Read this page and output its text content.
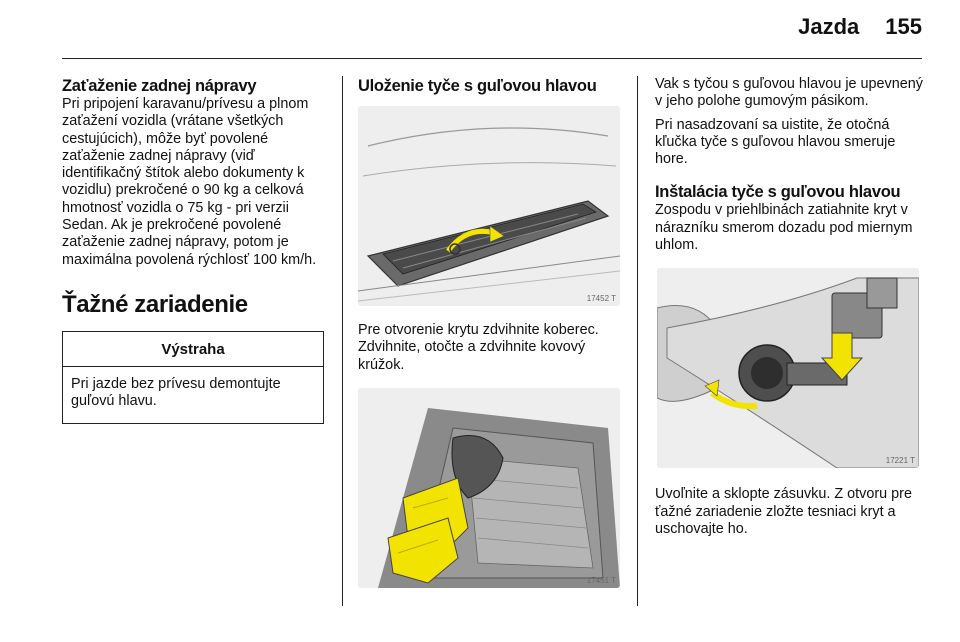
Jazda 155
Zaťaženie zadnej nápravy

Pri pripojení karavanu/prívesu a plnom zaťažení vozidla (vrátane všetkých cestujúcich), môže byť povolené zaťaženie zadnej nápravy (viď identifikačný štítok alebo dokumenty k vozidlu) prekročené o 90 kg a celková hmotnosť vozidla o 75 kg - pri verzii Sedan. Ak je prekročené povolené zaťaženie zadnej nápravy, potom je maximálna povolená rýchlosť 100 km/h.

Ťažné zariadenie
Výstraha
Pri jazde bez prívesu demontujte guľovú hlavu.
Uloženie tyče s guľovou hlavou
17452 T

Pre otvorenie krytu zdvihnite koberec. Zdvihnite, otočte a zdvihnite kovový krúžok.

17451 T

Vak s tyčou s guľovou hlavou je upevnený v jeho polohe gumovým pásikom.

Pri nasadzovaní sa uistite, že otočná kľučka tyče s guľovou hlavou smeruje hore.

Inštalácia tyče s guľovou hlavou

Zospodu v priehlbinách zatiahnite kryt v nárazníku smerom dozadu pod miernym uhlom.

17221 T

Uvoľnite a sklopte zásuvku. Z otvoru pre ťažné zariadenie zložte tesniaci kryt a uschovajte ho.
